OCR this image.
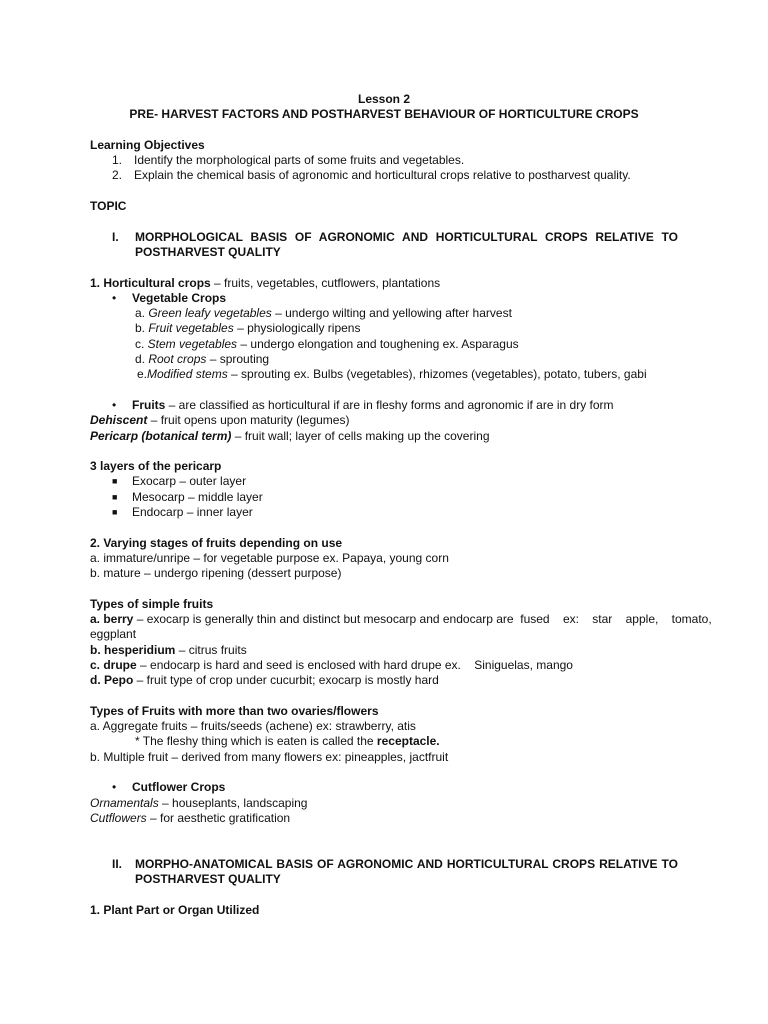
Lesson 2
PRE- HARVEST FACTORS AND POSTHARVEST BEHAVIOUR OF HORTICULTURE CROPS
Learning Objectives
1. Identify the morphological parts of some fruits and vegetables.
2. Explain the chemical basis of agronomic and horticultural crops relative to postharvest quality.
TOPIC
I.	MORPHOLOGICAL BASIS OF AGRONOMIC AND HORTICULTURAL CROPS RELATIVE TO POSTHARVEST QUALITY
1. Horticultural crops – fruits, vegetables, cutflowers, plantations
• Vegetable Crops
a. Green leafy vegetables – undergo wilting and yellowing after harvest
b. Fruit vegetables – physiologically ripens
c. Stem vegetables – undergo elongation and toughening ex. Asparagus
d. Root crops – sprouting
e.Modified stems – sprouting ex. Bulbs (vegetables), rhizomes (vegetables), potato, tubers, gabi
• Fruits – are classified as horticultural if are in fleshy forms and agronomic if are in dry form
Dehiscent – fruit opens upon maturity (legumes)
Pericarp (botanical term) – fruit wall; layer of cells making up the covering
3 layers of the pericarp
■ Exocarp – outer layer
■ Mesocarp – middle layer
■ Endocarp – inner layer
2. Varying stages of fruits depending on use
a. immature/unripe – for vegetable purpose ex. Papaya, young corn
b. mature – undergo ripening (dessert purpose)
Types of simple fruits
a. berry – exocarp is generally thin and distinct but mesocarp and endocarp are  fused    ex:    star    apple,    tomato,
eggplant
b. hesperidium – citrus fruits
c. drupe – endocarp is hard and seed is enclosed with hard drupe ex.    Siniguelas, mango
d. Pepo – fruit type of crop under cucurbit; exocarp is mostly hard
Types of Fruits with more than two ovaries/flowers
a. Aggregate fruits – fruits/seeds (achene) ex: strawberry, atis
* The fleshy thing which is eaten is called the receptacle.
b. Multiple fruit – derived from many flowers ex: pineapples, jactfruit
• Cutflower Crops
Ornamentals – houseplants, landscaping
Cutflowers – for aesthetic gratification
II.	MORPHO-ANATOMICAL BASIS OF AGRONOMIC AND HORTICULTURAL CROPS RELATIVE TO POSTHARVEST QUALITY
1. Plant Part or Organ Utilized
